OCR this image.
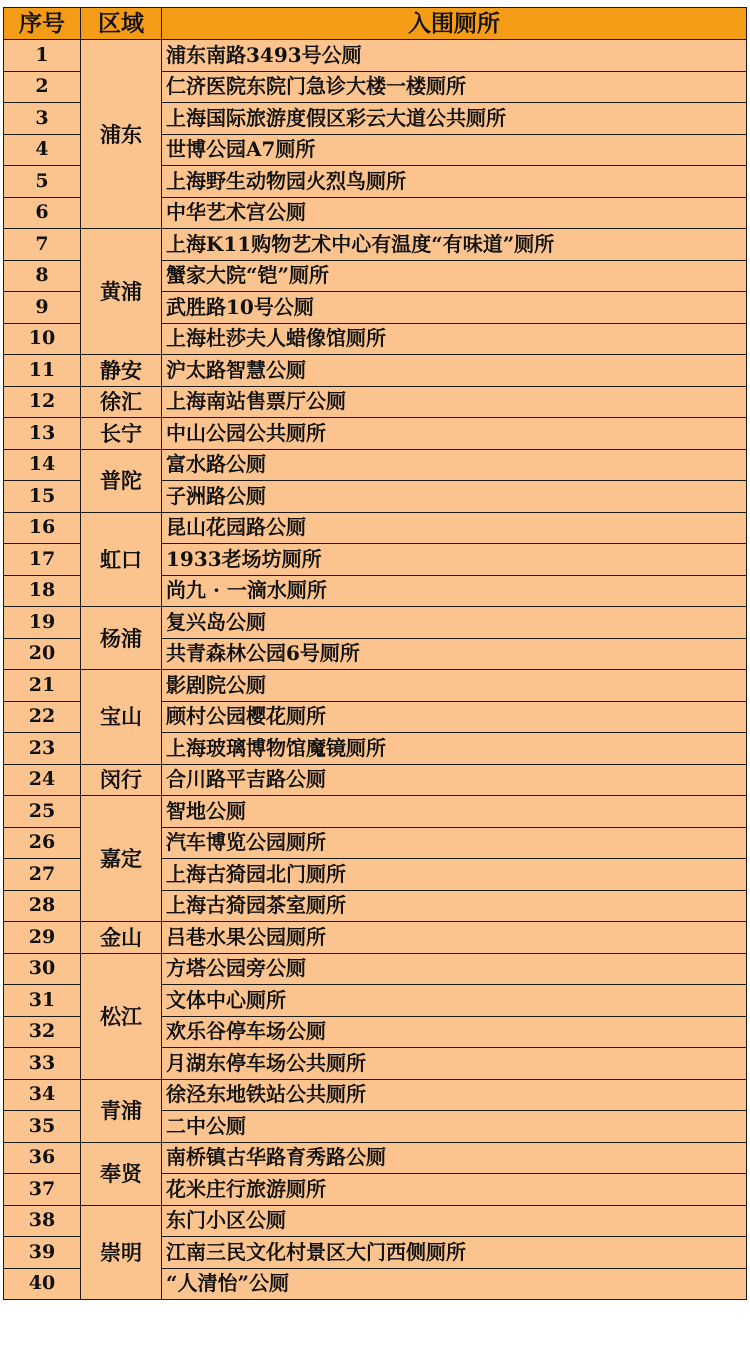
序号	区域	入围厕所
1	浦东	浦东南路3493号公厕
2		仁济医院东院门急诊大楼一楼厕所
3		上海国际旅游度假区彩云大道公共厕所
4		世博公园A7厕所
5		上海野生动物园火烈鸟厕所
6		中华艺术宫公厕
7	黄浦	上海K11购物艺术中心有温度“有味道”厕所
8		蟹家大院“铠”厕所
9		武胜路10号公厕
10		上海杜莎夫人蜡像馆厕所
11	静安	沪太路智慧公厕
12	徐汇	上海南站售票厅公厕
13	长宁	中山公园公共厕所
14	普陀	富水路公厕
15		子洲路公厕
16	虹口	昆山花园路公厕
17		1933老场坊厕所
18		尚九 · 一滴水厕所
19	杨浦	复兴岛公厕
20		共青森林公园6号厕所
21	宝山	影剧院公厕
22		顾村公园樱花厕所
23		上海玻璃博物馆魔镜厕所
24	闵行	合川路平吉路公厕
25	嘉定	智地公厕
26		汽车博览公园厕所
27		上海古猗园北门厕所
28		上海古猗园茶室厕所
29	金山	吕巷水果公园厕所
30	松江	方塔公园旁公厕
31		文体中心厕所
32		欢乐谷停车场公厕
33		月湖东停车场公共厕所
34	青浦	徐泾东地铁站公共厕所
35		二中公厕
36	奉贤	南桥镇古华路育秀路公厕
37		花米庄行旅游厕所
38	崇明	东门小区公厕
39		江南三民文化村景区大门西侧厕所
40		“人清怡”公厕
